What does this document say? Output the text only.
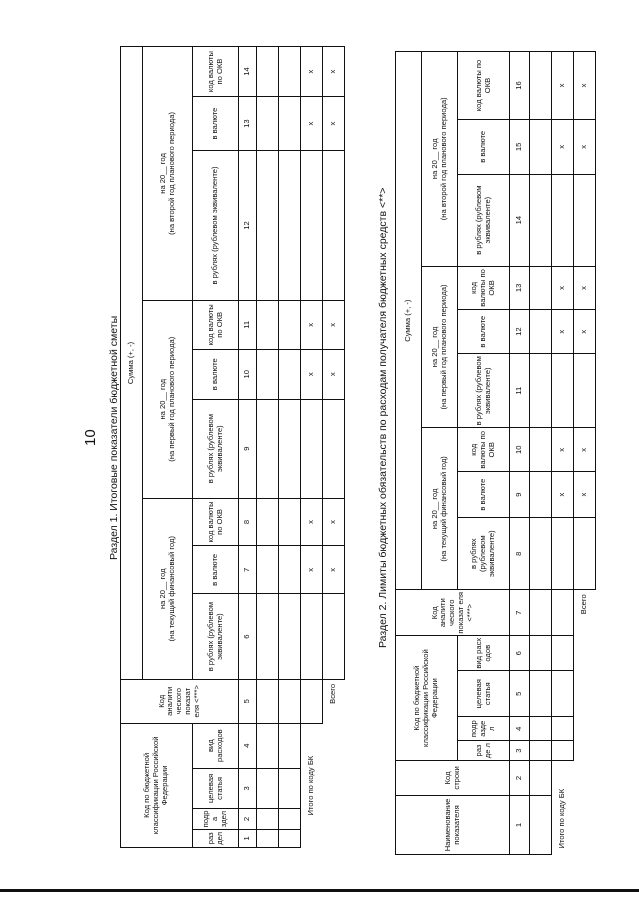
10 Раздел 1. Итоговые показатели бюджетной сметы
Код по бюджетной классификации Российской Федерации				Код аналити ческого показат еля <***>	Сумма (+, -)								
					на 20__ год
(на текущий финансовый год)			на 20__ год
(на первый год планового периода)			на 20__ год
(на второй год планового периода)		
раз дел	подра здел	целевая статья	вид расходов		в рублях (рублевом эквиваленте)	в валюте	код валюты по ОКВ	в рублях (рублевом эквиваленте)	в валюте	код валюты по ОКВ	в рублях (рублевом эквиваленте)	в валюте	код валюты по ОКВ
1	2	3	4	5	6	7	8	9	10	11	12	13	14

Итого по коду БК						x	x		x	x		x	x
Всего						x	x		x	x		x	x
Раздел 2. Лимиты бюджетных обязательств по расходам получателя бюджетных средств <**>
Наименование показателя	Код строки	Код по бюджетной классификации Российской Федерации				Код аналити ческого показат еля <***>	Сумма (+, -)								
							на 20__ год
(на текущий финансовый год)			на 20__ год
(на первый год планового периода)			на 20__ год
(на второй год планового периода)		
		раз де л	подр азде л	целевая статья	вид расх одов		в рублях (рублевом эквиваленте)	в валюте	код валюты по ОКВ	в рублях (рублевом эквиваленте)	в валюте	код валюты по ОКВ	в рублях (рублевом эквиваленте)	в валюте	код валюты по ОКВ
1	2	3	4	5	6	7	8	9	10	11	12	13	14	15	16

Итого по коду БК								x	x		x	x		x	x
Всего								x	x		x	x		x	x
